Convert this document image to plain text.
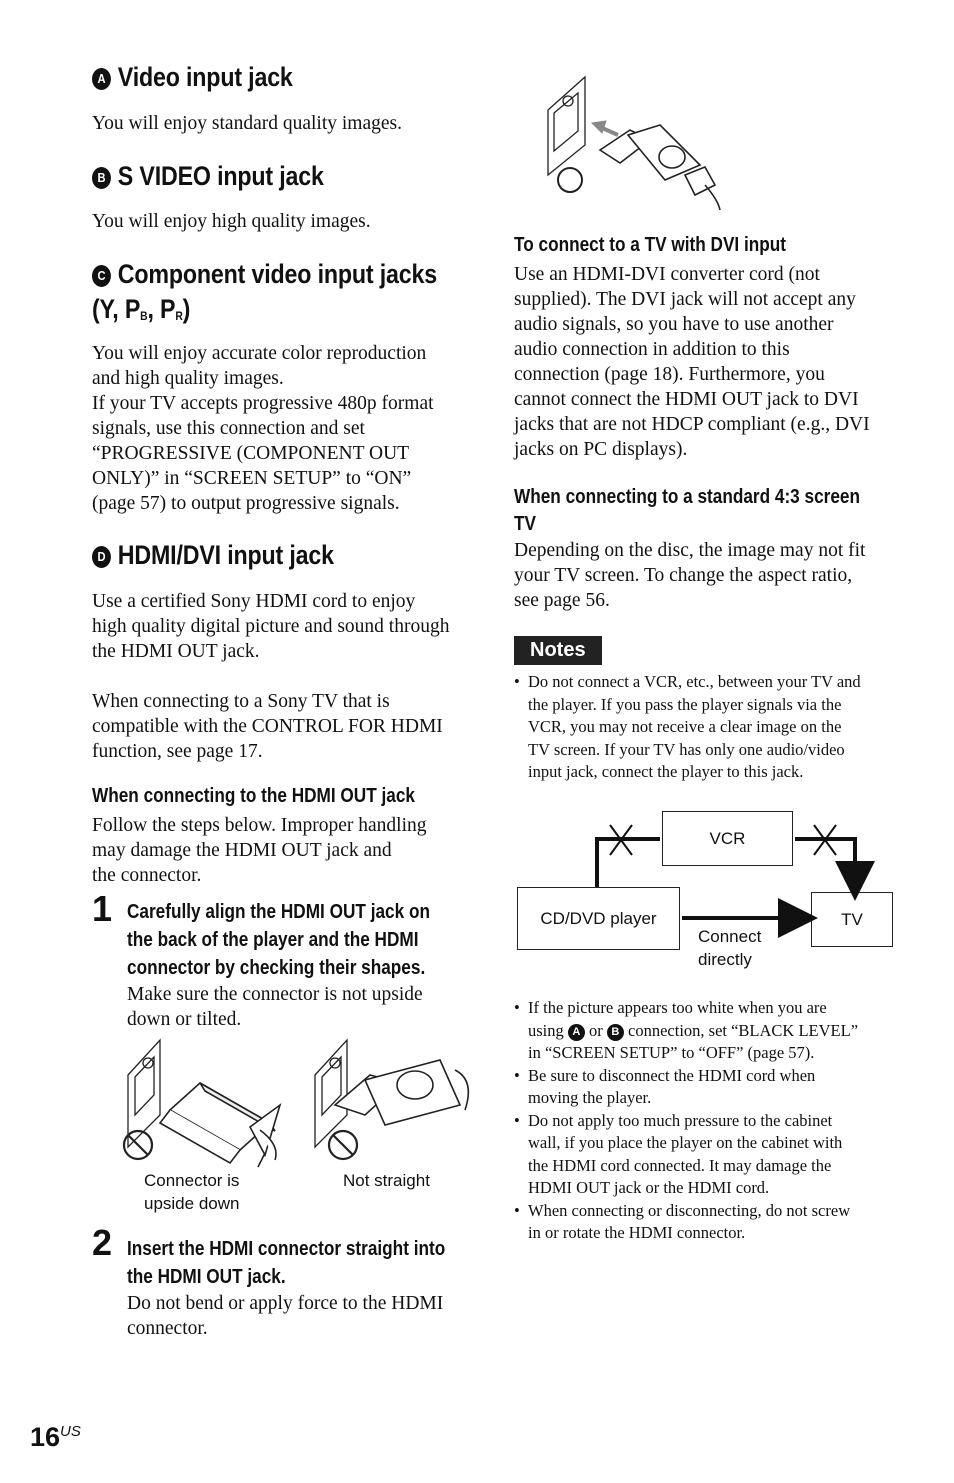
A Video input jack
You will enjoy standard quality images.
B S VIDEO input jack
You will enjoy high quality images.
C Component video input jacks
(Y, $P_B$, $P_R$)
You will enjoy accurate color reproduction
and high quality images.
If your TV accepts progressive 480p format
signals, use this connection and set
“PROGRESSIVE (COMPONENT OUT
ONLY)” in “SCREEN SETUP” to “ON”
(page 57) to output progressive signals.
D HDMI/DVI input jack
Use a certified Sony HDMI cord to enjoy
high quality digital picture and sound through
the HDMI OUT jack.
When connecting to a Sony TV that is
compatible with the CONTROL FOR HDMI
function, see page 17.
When connecting to the HDMI OUT jack
Follow the steps below. Improper handling
may damage the HDMI OUT jack and
the connector.
1 Carefully align the HDMI OUT jack on
the back of the player and the HDMI
connector by checking their shapes.
Make sure the connector is not upside
down or tilted.
Connector is
upside down
Not straight
2 Insert the HDMI connector straight into
the HDMI OUT jack.
Do not bend or apply force to the HDMI
connector.
To connect to a TV with DVI input
Use an HDMI-DVI converter cord (not
supplied). The DVI jack will not accept any
audio signals, so you have to use another
audio connection in addition to this
connection (page 18). Furthermore, you
cannot connect the HDMI OUT jack to DVI
jacks that are not HDCP compliant (e.g., DVI
jacks on PC displays).
When connecting to a standard 4:3 screen
TV
Depending on the disc, the image may not fit
your TV screen. To change the aspect ratio,
see page 56.
Notes
• Do not connect a VCR, etc., between your TV and
the player. If you pass the player signals via the
VCR, you may not receive a clear image on the
TV screen. If your TV has only one audio/video
input jack, connect the player to this jack.
VCR
CD/DVD player	TV
Connect
directly
• If the picture appears too white when you are
using A or B connection, set “BLACK LEVEL”
in “SCREEN SETUP” to “OFF” (page 57).
• Be sure to disconnect the HDMI cord when
moving the player.
• Do not apply too much pressure to the cabinet
wall, if you place the player on the cabinet with
the HDMI cord connected. It may damage the
HDMI OUT jack or the HDMI cord.
• When connecting or disconnecting, do not screw
in or rotate the HDMI connector.
$16^{US}$
